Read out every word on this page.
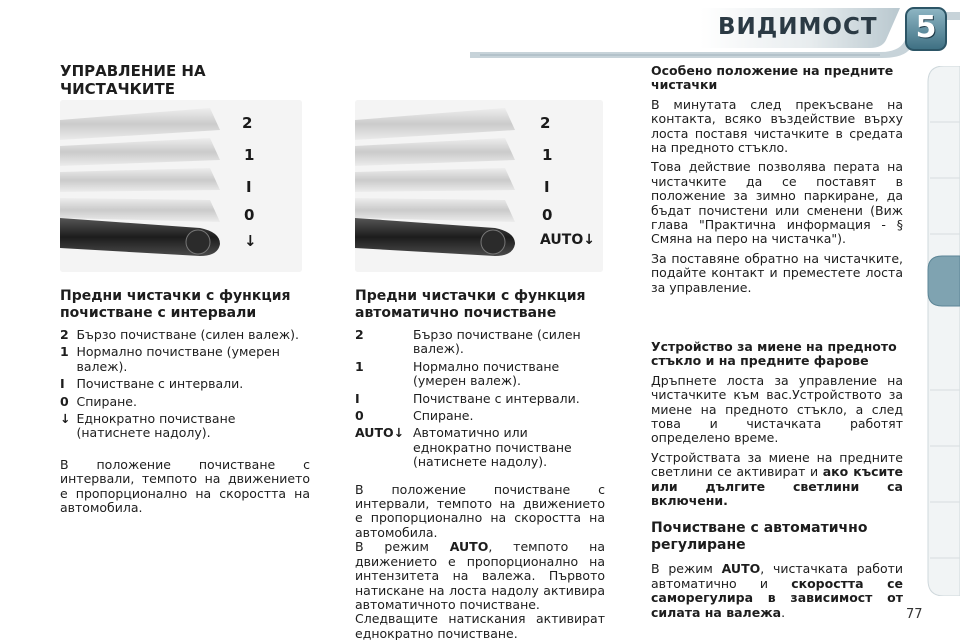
ВИДИМОСТ	5
УПРАВЛЕНИЕ НА ЧИСТАЧКИТЕ
2
1
I
0
↓
2
1
I
0
AUTO↓
Предни чистачки с функция почистване с интервали
2	Бързо почистване (силен валеж).
1	Нормално почистване (умерен валеж).
I	Почистване с интервали.
0	Спиране.
↓	Еднократно почистване (натиснете надолу).

В положение почистване с интервали, темпото на движението е пропорционално на скоростта на автомобила.

Предни чистачки с функция автоматично почистване
2	Бързо почистване (силен валеж).
1	Нормално почистване (умерен валеж).
I	Почистване с интервали.
0	Спиране.
AUTO↓	Автоматично или еднократно почистване (натиснете надолу).

В положение почистване с интервали, темпото на движението е пропорционално на скоростта на автомобила.

В режим AUTO, темпото на движението е пропорционално на интензитета на валежа. Първото натискане на лоста надолу активира автоматичното почистване.

Следващите натискания активират еднократно почистване.

Особено положение на предните чистачки

В минутата след прекъсване на контакта, всяко въздействие върху лоста поставя чистачките в средата на предното стъкло.

Това действие позволява перата на чистачките да се поставят в положение за зимно паркиране, да бъдат почистени или сменени (Виж глава "Практична информация - § Смяна на перо на чистачка").

За поставяне обратно на чистачките, подайте контакт и преместете лоста за управление.

Устройство за миене на предното стъкло и на предните фарове

Дръпнете лоста за управление на чистачките към вас.Устройството за миене на предното стъкло, а след това и чистачката работят определено време.

Устройствата за миене на предните светлини се активират и ако късите или дългите светлини са включени.

Почистване с автоматично регулиране

В режим AUTO, чистачката работи автоматично и скоростта се саморегулира в зависимост от силата на валежа.	77
